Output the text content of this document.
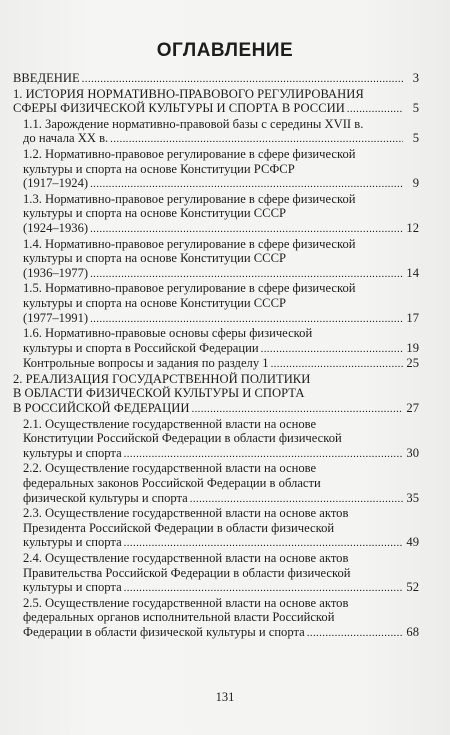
ОГЛАВЛЕНИЕ
ВВЕДЕНИЕ . . .	3
1. ИСТОРИЯ НОРМАТИВНО-ПРАВОВОГО РЕГУЛИРОВАНИЯ
СФЕРЫ ФИЗИЧЕСКОЙ КУЛЬТУРЫ И СПОРТА В РОССИИ . . .	5
1.1. Зарождение нормативно-правовой базы с середины XVII в.
до начала XX в. . . .	5
1.2. Нормативно-правовое регулирование в сфере физической
культуры и спорта на основе Конституции РСФСР
(1917–1924) . . .	9
1.3. Нормативно-правовое регулирование в сфере физической
культуры и спорта на основе Конституции СССР
(1924–1936) . . .	12
1.4. Нормативно-правовое регулирование в сфере физической
культуры и спорта на основе Конституции СССР
(1936–1977) . . .	14
1.5. Нормативно-правовое регулирование в сфере физической
культуры и спорта на основе Конституции СССР
(1977–1991) . . .	17
1.6. Нормативно-правовые основы сферы физической
культуры и спорта в Российской Федерации . . .	19
Контрольные вопросы и задания по разделу 1 . . .	25
2. РЕАЛИЗАЦИЯ ГОСУДАРСТВЕННОЙ ПОЛИТИКИ
В ОБЛАСТИ ФИЗИЧЕСКОЙ КУЛЬТУРЫ И СПОРТА
В РОССИЙСКОЙ ФЕДЕРАЦИИ . . .	27
2.1. Осуществление государственной власти на основе
Конституции Российской Федерации в области физической
культуры и спорта . . .	30
2.2. Осуществление государственной власти на основе
федеральных законов Российской Федерации в области
физической культуры и спорта . . .	35
2.3. Осуществление государственной власти на основе актов
Президента Российской Федерации в области физической
культуры и спорта . . .	49
2.4. Осуществление государственной власти на основе актов
Правительства Российской Федерации в области физической
культуры и спорта . . .	52
2.5. Осуществление государственной власти на основе актов
федеральных органов исполнительной власти Российской
Федерации в области физической культуры и спорта . . .	68
131
